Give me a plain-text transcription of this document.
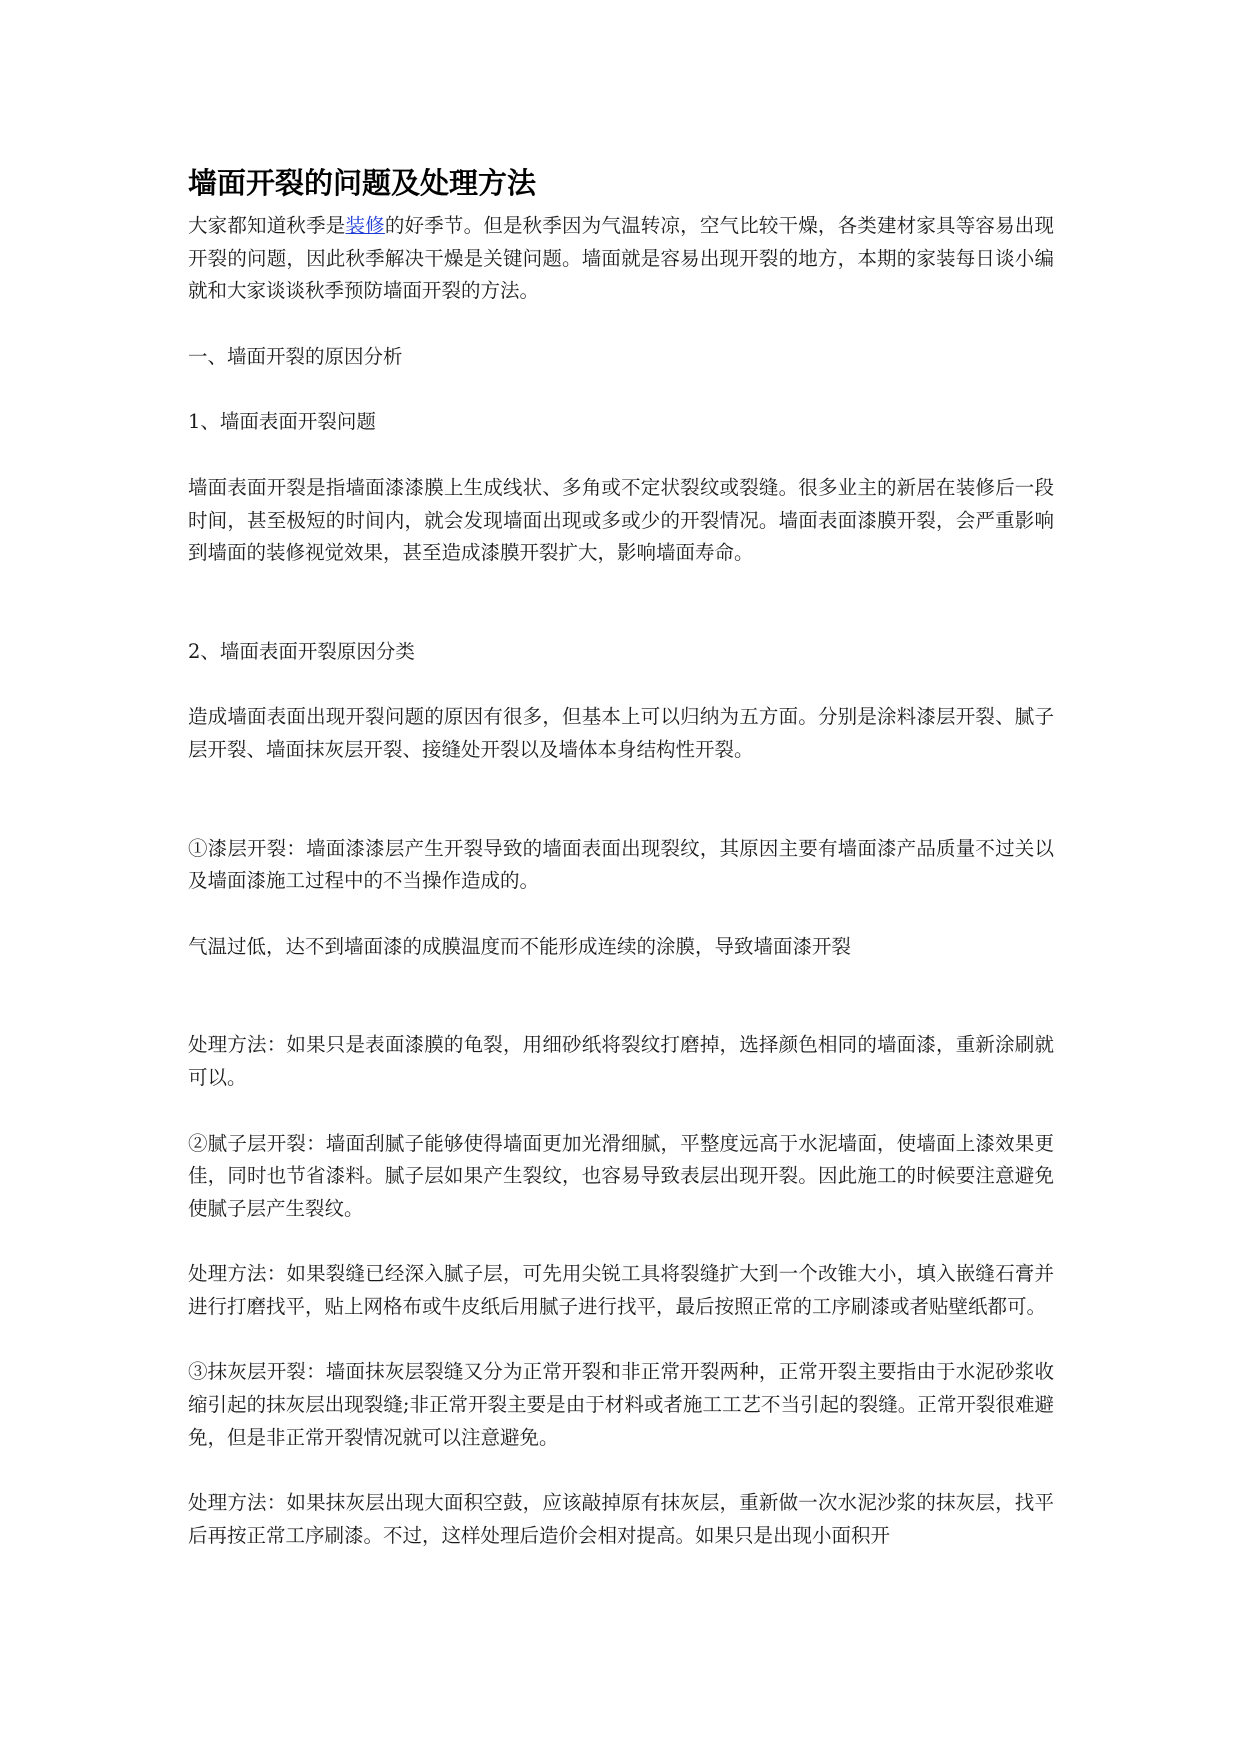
墙面开裂的问题及处理方法

大家都知道秋季是装修的好季节。但是秋季因为气温转凉，空气比较干燥，各类建材家具等容易出现开裂的问题，因此秋季解决干燥是关键问题。墙面就是容易出现开裂的地方，本期的家装每日谈小编就和大家谈谈秋季预防墙面开裂的方法。

一、墙面开裂的原因分析

1、墙面表面开裂问题

墙面表面开裂是指墙面漆漆膜上生成线状、多角或不定状裂纹或裂缝。很多业主的新居在装修后一段时间，甚至极短的时间内，就会发现墙面出现或多或少的开裂情况。墙面表面漆膜开裂，会严重影响到墙面的装修视觉效果，甚至造成漆膜开裂扩大，影响墙面寿命。

2、墙面表面开裂原因分类

造成墙面表面出现开裂问题的原因有很多，但基本上可以归纳为五方面。分别是涂料漆层开裂、腻子层开裂、墙面抹灰层开裂、接缝处开裂以及墙体本身结构性开裂。

①漆层开裂：墙面漆漆层产生开裂导致的墙面表面出现裂纹，其原因主要有墙面漆产品质量不过关以及墙面漆施工过程中的不当操作造成的。

气温过低，达不到墙面漆的成膜温度而不能形成连续的涂膜，导致墙面漆开裂

处理方法：如果只是表面漆膜的龟裂，用细砂纸将裂纹打磨掉，选择颜色相同的墙面漆，重新涂刷就可以。

②腻子层开裂：墙面刮腻子能够使得墙面更加光滑细腻，平整度远高于水泥墙面，使墙面上漆效果更佳，同时也节省漆料。腻子层如果产生裂纹，也容易导致表层出现开裂。因此施工的时候要注意避免使腻子层产生裂纹。

处理方法：如果裂缝已经深入腻子层，可先用尖锐工具将裂缝扩大到一个改锥大小，填入嵌缝石膏并进行打磨找平，贴上网格布或牛皮纸后用腻子进行找平，最后按照正常的工序刷漆或者贴壁纸都可。

③抹灰层开裂：墙面抹灰层裂缝又分为正常开裂和非正常开裂两种，正常开裂主要指由于水泥砂浆收缩引起的抹灰层出现裂缝;非正常开裂主要是由于材料或者施工工艺不当引起的裂缝。正常开裂很难避免，但是非正常开裂情况就可以注意避免。

处理方法：如果抹灰层出现大面积空鼓，应该敲掉原有抹灰层，重新做一次水泥沙浆的抹灰层，找平后再按正常工序刷漆。不过，这样处理后造价会相对提高。如果只是出现小面积开
